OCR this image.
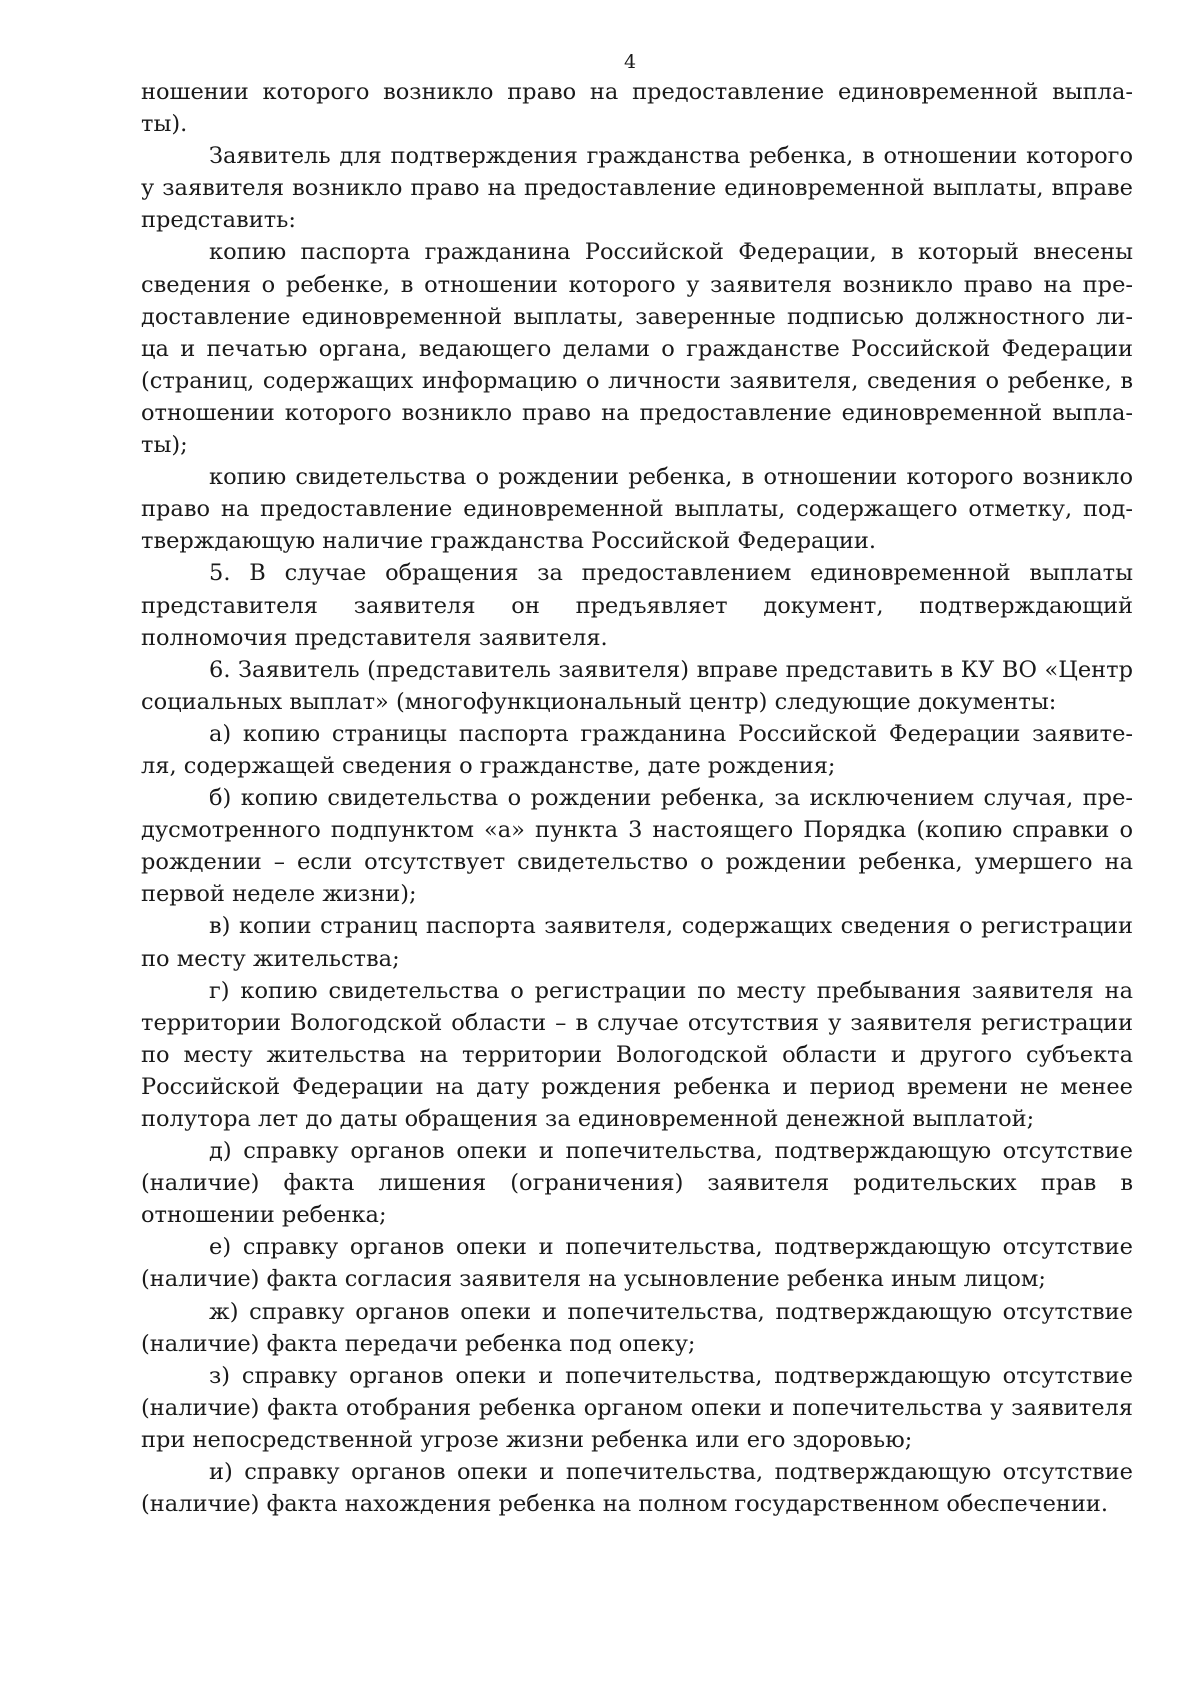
4

ношении которого возникло право на предоставление единовременной выпла-ты).

Заявитель для подтверждения гражданства ребенка, в отношении которого у заявителя возникло право на предоставление единовременной выплаты, вправе представить:

копию паспорта гражданина Российской Федерации, в который внесены сведения о ребенке, в отношении которого у заявителя возникло право на пре-доставление единовременной выплаты, заверенные подписью должностного ли-ца и печатью органа, ведающего делами о гражданстве Российской Федерации (страниц, содержащих информацию о личности заявителя, сведения о ребенке, в отношении которого возникло право на предоставление единовременной выпла-ты);

копию свидетельства о рождении ребенка, в отношении которого возникло право на предоставление единовременной выплаты, содержащего отметку, под-тверждающую наличие гражданства Российской Федерации.

5. В случае обращения за предоставлением единовременной выплаты представителя заявителя он предъявляет документ, подтверждающий полномочия представителя заявителя.

6. Заявитель (представитель заявителя) вправе представить в КУ ВО «Центр социальных выплат» (многофункциональный центр) следующие документы:

а) копию страницы паспорта гражданина Российской Федерации заявите-ля, содержащей сведения о гражданстве, дате рождения;

б) копию свидетельства о рождении ребенка, за исключением случая, пре-дусмотренного подпунктом «а» пункта 3 настоящего Порядка (копию справки о рождении – если отсутствует свидетельство о рождении ребенка, умершего на первой неделе жизни);

в) копии страниц паспорта заявителя, содержащих сведения о регистрации по месту жительства;

г) копию свидетельства о регистрации по месту пребывания заявителя на территории Вологодской области – в случае отсутствия у заявителя регистрации по месту жительства на территории Вологодской области и другого субъекта Российской Федерации на дату рождения ребенка и период времени не менее полутора лет до даты обращения за единовременной денежной выплатой;

д) справку органов опеки и попечительства, подтверждающую отсутствие (наличие) факта лишения (ограничения) заявителя родительских прав в отношении ребенка;

е) справку органов опеки и попечительства, подтверждающую отсутствие (наличие) факта согласия заявителя на усыновление ребенка иным лицом;

ж) справку органов опеки и попечительства, подтверждающую отсутствие (наличие) факта передачи ребенка под опеку;

з) справку органов опеки и попечительства, подтверждающую отсутствие (наличие) факта отобрания ребенка органом опеки и попечительства у заявителя при непосредственной угрозе жизни ребенка или его здоровью;

и) справку органов опеки и попечительства, подтверждающую отсутствие (наличие) факта нахождения ребенка на полном государственном обеспечении.
